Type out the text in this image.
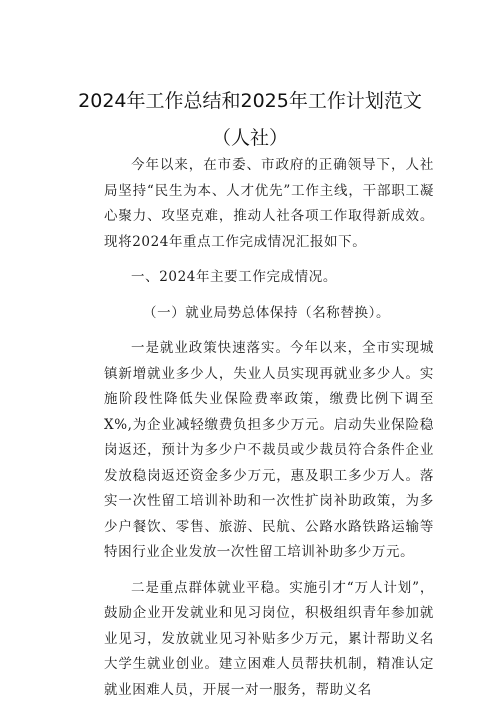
2024年工作总结和2025年工作计划范文
（人社）

今年以来，在市委、市政府的正确领导下，人社局坚持“民生为本、人才优先”工作主线，干部职工凝心聚力、攻坚克难，推动人社各项工作取得新成效。现将2024年重点工作完成情况汇报如下。

一、2024年主要工作完成情况。

（一）就业局势总体保持（名称替换）。

一是就业政策快速落实。今年以来，全市实现城镇新增就业多少人，失业人员实现再就业多少人。实施阶段性降低失业保险费率政策，缴费比例下调至X%,为企业减轻缴费负担多少万元。启动失业保险稳岗返还，预计为多少户不裁员或少裁员符合条件企业发放稳岗返还资金多少万元，惠及职工多少万人。落实一次性留工培训补助和一次性扩岗补助政策，为多少户餐饮、零售、旅游、民航、公路水路铁路运输等特困行业企业发放一次性留工培训补助多少万元。

二是重点群体就业平稳。实施引才“万人计划”，鼓励企业开发就业和见习岗位，积极组织青年参加就业见习，发放就业见习补贴多少万元，累计帮助义名大学生就业创业。建立困难人员帮扶机制，精准认定就业困难人员，开展一对一服务，帮助义名
